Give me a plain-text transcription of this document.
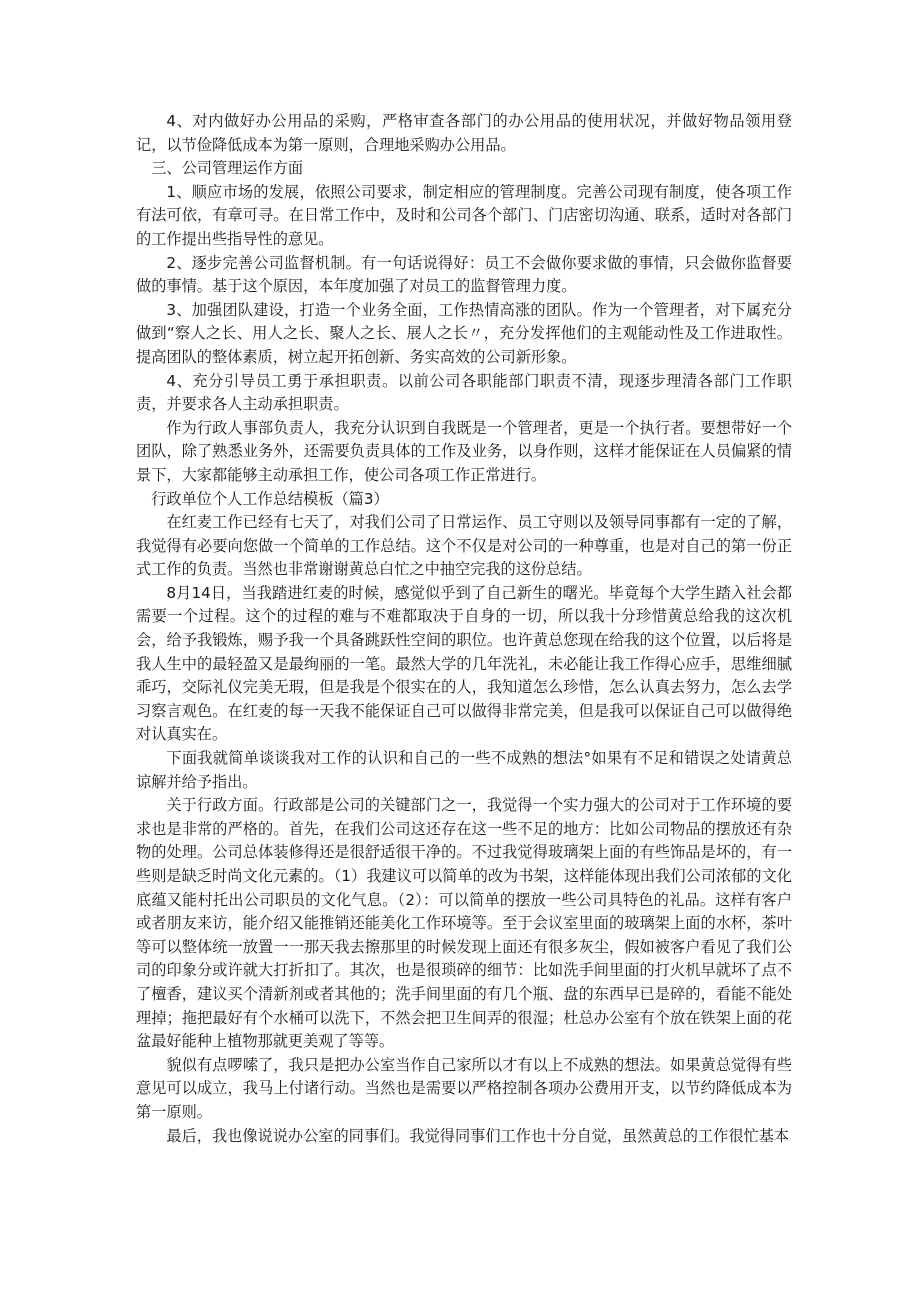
4、对内做好办公用品的采购，严格审查各部门的办公用品的使用状况，并做好物品领用登记，以节俭降低成本为第一原则，合理地采购办公用品。

三、公司管理运作方面

1、顺应市场的发展，依照公司要求，制定相应的管理制度。完善公司现有制度，使各项工作有法可依，有章可寻。在日常工作中，及时和公司各个部门、门店密切沟通、联系，适时对各部门的工作提出些指导性的意见。

2、逐步完善公司监督机制。有一句话说得好：员工不会做你要求做的事情，只会做你监督要做的事情。基于这个原因，本年度加强了对员工的监督管理力度。

3、加强团队建设，打造一个业务全面，工作热情高涨的团队。作为一个管理者，对下属充分做到“察人之长、用人之长、聚人之长、展人之长〃，充分发挥他们的主观能动性及工作进取性。提高团队的整体素质，树立起开拓创新、务实高效的公司新形象。

4、充分引导员工勇于承担职责。以前公司各职能部门职责不清，现逐步理清各部门工作职责，并要求各人主动承担职责。

作为行政人事部负责人，我充分认识到自我既是一个管理者，更是一个执行者。要想带好一个团队，除了熟悉业务外，还需要负责具体的工作及业务，以身作则，这样才能保证在人员偏紧的情景下，大家都能够主动承担工作，使公司各项工作正常进行。

行政单位个人工作总结模板（篇3）

在红麦工作已经有七天了，对我们公司了日常运作、员工守则以及领导同事都有一定的了解，我觉得有必要向您做一个简单的工作总结。这个不仅是对公司的一种尊重，也是对自己的第一份正式工作的负责。当然也非常谢谢黄总白忙之中抽空完我的这份总结。

8月14日，当我踏进红麦的时候，感觉似乎到了自己新生的曙光。毕竟每个大学生踏入社会都需要一个过程。这个的过程的难与不难都取决于自身的一切，所以我十分珍惜黄总给我的这次机会，给予我锻炼，赐予我一个具备跳跃性空间的职位。也许黄总您现在给我的这个位置，以后将是我人生中的最轻盈又是最绚丽的一笔。最然大学的几年洗礼，未必能让我工作得心应手，思维细腻乖巧，交际礼仪完美无瑕，但是我是个很实在的人，我知道怎么珍惜，怎么认真去努力，怎么去学习察言观色。在红麦的每一天我不能保证自己可以做得非常完美，但是我可以保证自己可以做得绝对认真实在。

下面我就简单谈谈我对工作的认识和自己的一些不成熟的想法°如果有不足和错误之处请黄总谅解并给予指出。

关于行政方面。行政部是公司的关键部门之一，我觉得一个实力强大的公司对于工作环境的要求也是非常的严格的。首先，在我们公司这还存在这一些不足的地方：比如公司物品的摆放还有杂物的处理。公司总体装修得还是很舒适很干净的。不过我觉得玻璃架上面的有些饰品是坏的，有一些则是缺乏时尚文化元素的。（1）我建议可以简单的改为书架，这样能体现出我们公司浓郁的文化底蕴又能村托出公司职员的文化气息。（2）：可以简单的摆放一些公司具特色的礼品。这样有客户或者朋友来访，能介绍又能推销还能美化工作环境等。至于会议室里面的玻璃架上面的水杯，茶叶等可以整体统一放置一一那天我去擦那里的时候发现上面还有很多灰尘，假如被客户看见了我们公司的印象分或许就大打折扣了。其次，也是很琐碎的细节：比如洗手间里面的打火机早就坏了点不了檀香，建议买个清新剂或者其他的；洗手间里面的有几个瓶、盘的东西早已是碎的，看能不能处理掉；拖把最好有个水桶可以洗下，不然会把卫生间弄的很湿；杜总办公室有个放在铁架上面的花盆最好能种上植物那就更美观了等等。

貌似有点啰嗦了，我只是把办公室当作自己家所以才有以上不成熟的想法。如果黄总觉得有些意见可以成立，我马上付诸行动。当然也是需要以严格控制各项办公费用开支，以节约降低成本为第一原则。

最后，我也像说说办公室的同事们。我觉得同事们工作也十分自觉，虽然黄总的工作很忙基本
